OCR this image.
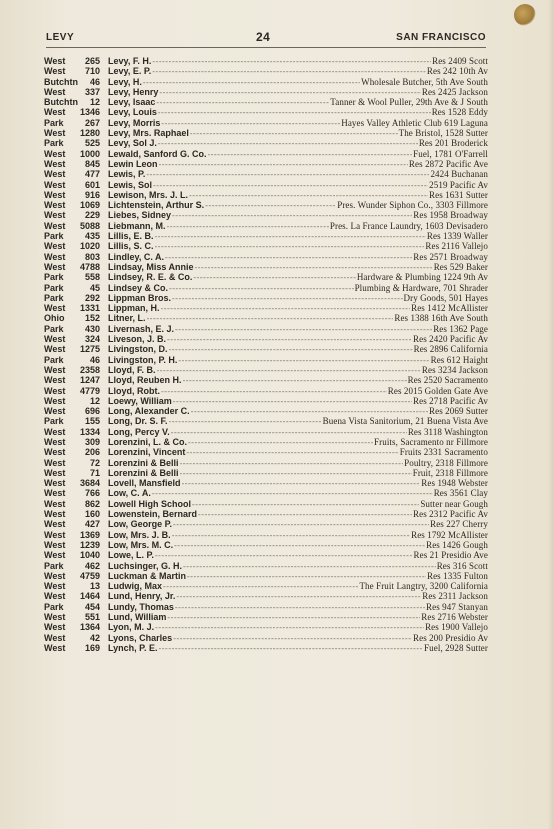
LEVY	24	SAN FRANCISCO
West	265 Levy, F. H. -----	Res 2409 Scott
West	710 Levy, E. P. -----	Res 242 10th Av
Butchtn	46 Levy, H. -----	Wholesale Butcher, 5th Ave South
West	337 Levy, Henry -----	Res 2425 Jackson
Butchtn	12 Levy, Isaac -----	Tanner & Wool Puller, 29th Ave & J South
West	1346 Levy, Louis -----	Res 1528 Eddy
Park	267 Levy, Morris -----	Hayes Valley Athletic Club 619 Laguna
West	1280 Levy, Mrs. Raphael -----	The Bristol, 1528 Sutter
Park	525 Levy, Sol J. -----	Res 201 Broderick
West	1000 Lewald, Sanford G. Co. -----	Fuel, 1781 O'Farrell
West	845 Lewin Leon -----	Res 2872 Pacific Ave
West	477 Lewis, P. -----	2424 Buchanan
West	601 Lewis, Sol -----	2519 Pacific Av
West	916 Lewison, Mrs. J. L. -----	Res 1631 Sutter
West	1069 Lichtenstein, Arthur S. -----	Pres. Wunder Siphon Co., 3303 Fillmore
West	229 Liebes, Sidney -----	Res 1958 Broadway
West	5088 Liebmann, M. -----	Pres. La France Laundry, 1603 Devisadero
Park	435 Lillis, E. B. -----	Res 1339 Waller
West	1020 Lillis, S. C. -----	Res 2116 Vallejo
West	803 Lindley, C. A. -----	Res 2571 Broadway
West	4788 Lindsay, Miss Annie -----	Res 529 Baker
Park	558 Lindsey, R. E. & Co. -----	Hardware & Plumbing 1224 9th Av
Park	45 Lindsey & Co. -----	Plumbing & Hardware, 701 Shrader
Park	292 Lippman Bros. -----	Dry Goods, 501 Hayes
West	1331 Lippman, H. -----	Res 1412 McAllister
Ohio	152 Litner, L. -----	Res 1388 16th Ave South
Park	430 Livernash, E. J. -----	Res 1362 Page
West	324 Liveson, J. B. -----	Res 2420 Pacific Av
West	1275 Livingston, D. -----	Res 2896 California
Park	46 Livingston, P. H. -----	Res 612 Haight
West	2358 Lloyd, F. B. -----	Res 3234 Jackson
West	1247 Lloyd, Reuben H. -----	Res 2520 Sacramento
West	4779 Lloyd, Robt. -----	Res 2015 Golden Gate Ave
West	12 Loewy, William -----	Res 2718 Pacific Av
West	696 Long, Alexander C. -----	Res 2069 Sutter
Park	155 Long, Dr. S. F. -----	Buena Vista Sanitorium, 21 Buena Vista Ave
West	1334 Long, Percy V. -----	Res 3118 Washington
West	309 Lorenzini, L. & Co. -----	Fruits, Sacramento nr Fillmore
West	206 Lorenzini, Vincent -----	Fruits 2331 Sacramento
West	72 Lorenzini & Belli -----	Poultry, 2318 Fillmore
West	71 Lorenzini & Belli -----	Fruit, 2318 Fillmore
West	3684 Lovell, Mansfield -----	Res 1948 Webster
West	766 Low, C. A. -----	Res 3561 Clay
West	862 Lowell High School -----	Sutter near Gough
West	160 Lowenstein, Bernard -----	Res 2312 Pacific Av
West	427 Low, George P. -----	Res 227 Cherry
West	1369 Low, Mrs. J. B. -----	Res 1792 McAllister
West	1239 Low, Mrs. M. C. -----	Res 1426 Gough
West	1040 Lowe, L. P. -----	Res 21 Presidio Ave
Park	462 Luchsinger, G. H. -----	Res 316 Scott
West	4759 Luckman & Martin -----	Res 1335 Fulton
West	13 Ludwig, Max -----	The Fruit Langtry, 3200 California
West	1464 Lund, Henry, Jr. -----	Res 2311 Jackson
Park	454 Lundy, Thomas -----	Res 947 Stanyan
West	551 Lund, William -----	Res 2716 Webster
West	1364 Lyon, M. J. -----	Res 1900 Vallejo
West	42 Lyons, Charles -----	Res 200 Presidio Av
West	169 Lynch, P. E. -----	Fuel, 2928 Sutter
